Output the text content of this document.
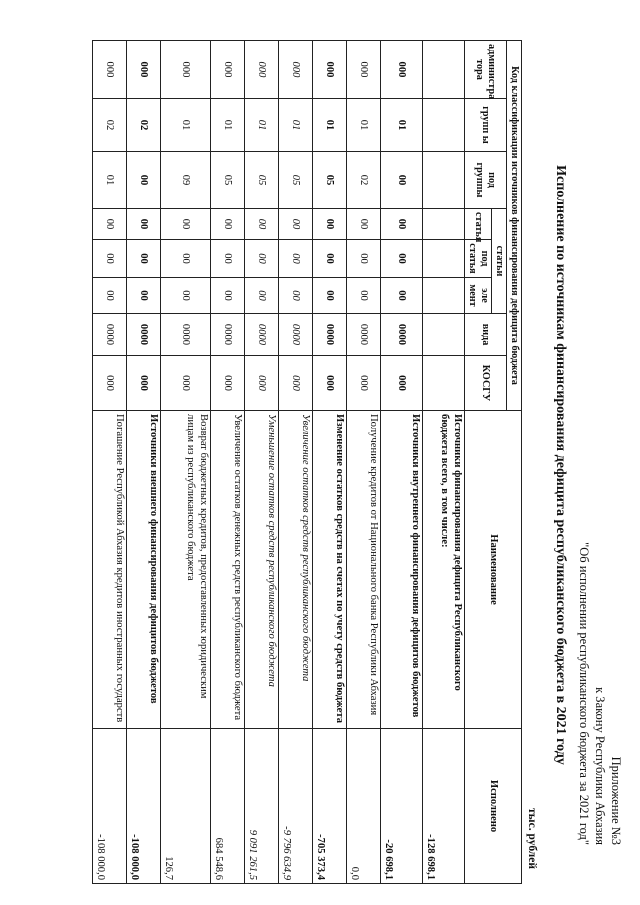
Приложение №3
к Закону Республики Абхазия
"Об исполнении республиканского бюджета за 2021 год"
Исполнение по источникам финансирования дефицита республиканского бюджета в 2021 году
тыс. рублей
Код классификации источников финансирования дефицита бюджета								Наименование	Исполнено
администра тора	групп ы	под группы	статьи			вида	КОСГУ		
			статья	под статья	эле мент				

								Источники финансирования дефицита Республиканского бюджета всего, в том числе:	-128 698,1
000	01	00	00	00	00	0000	000	Источники внутреннего финансирования дефицитов бюджетов	-20 698,1
000	01	02	00	00	00	0000	000	Получение кредитов от Национального банка Республики Абхазия	0,0
000	01	05	00	00	00	0000	000	Изменение остатков средств на счетах по учету средств бюджета	-705 373,4
000	01	05	00	00	00	0000	000	Увеличение остатков средств республиканского бюджета	-9 796 634,9
000	01	05	00	00	00	0000	000	Уменьшение остатков средств республиканского бюджета	9 091 261,5
000	01	05	00	00	00	0000	000	Увеличение остатков денежных средств республиканского бюджета	684 548,6
000	01	09	00	00	00	0000	000	Возврат бюджетных кредитов, предоставленных юридическим лицам из республиканского бюджета	126,7
000	02	00	00	00	00	0000	000	Источники внешнего финансирования дефицитов бюджетов	-108 000,0
000	02	01	00	00	00	0000	000	Погашение Республикой Абхазия кредитов иностранных государств	-108 000,0
